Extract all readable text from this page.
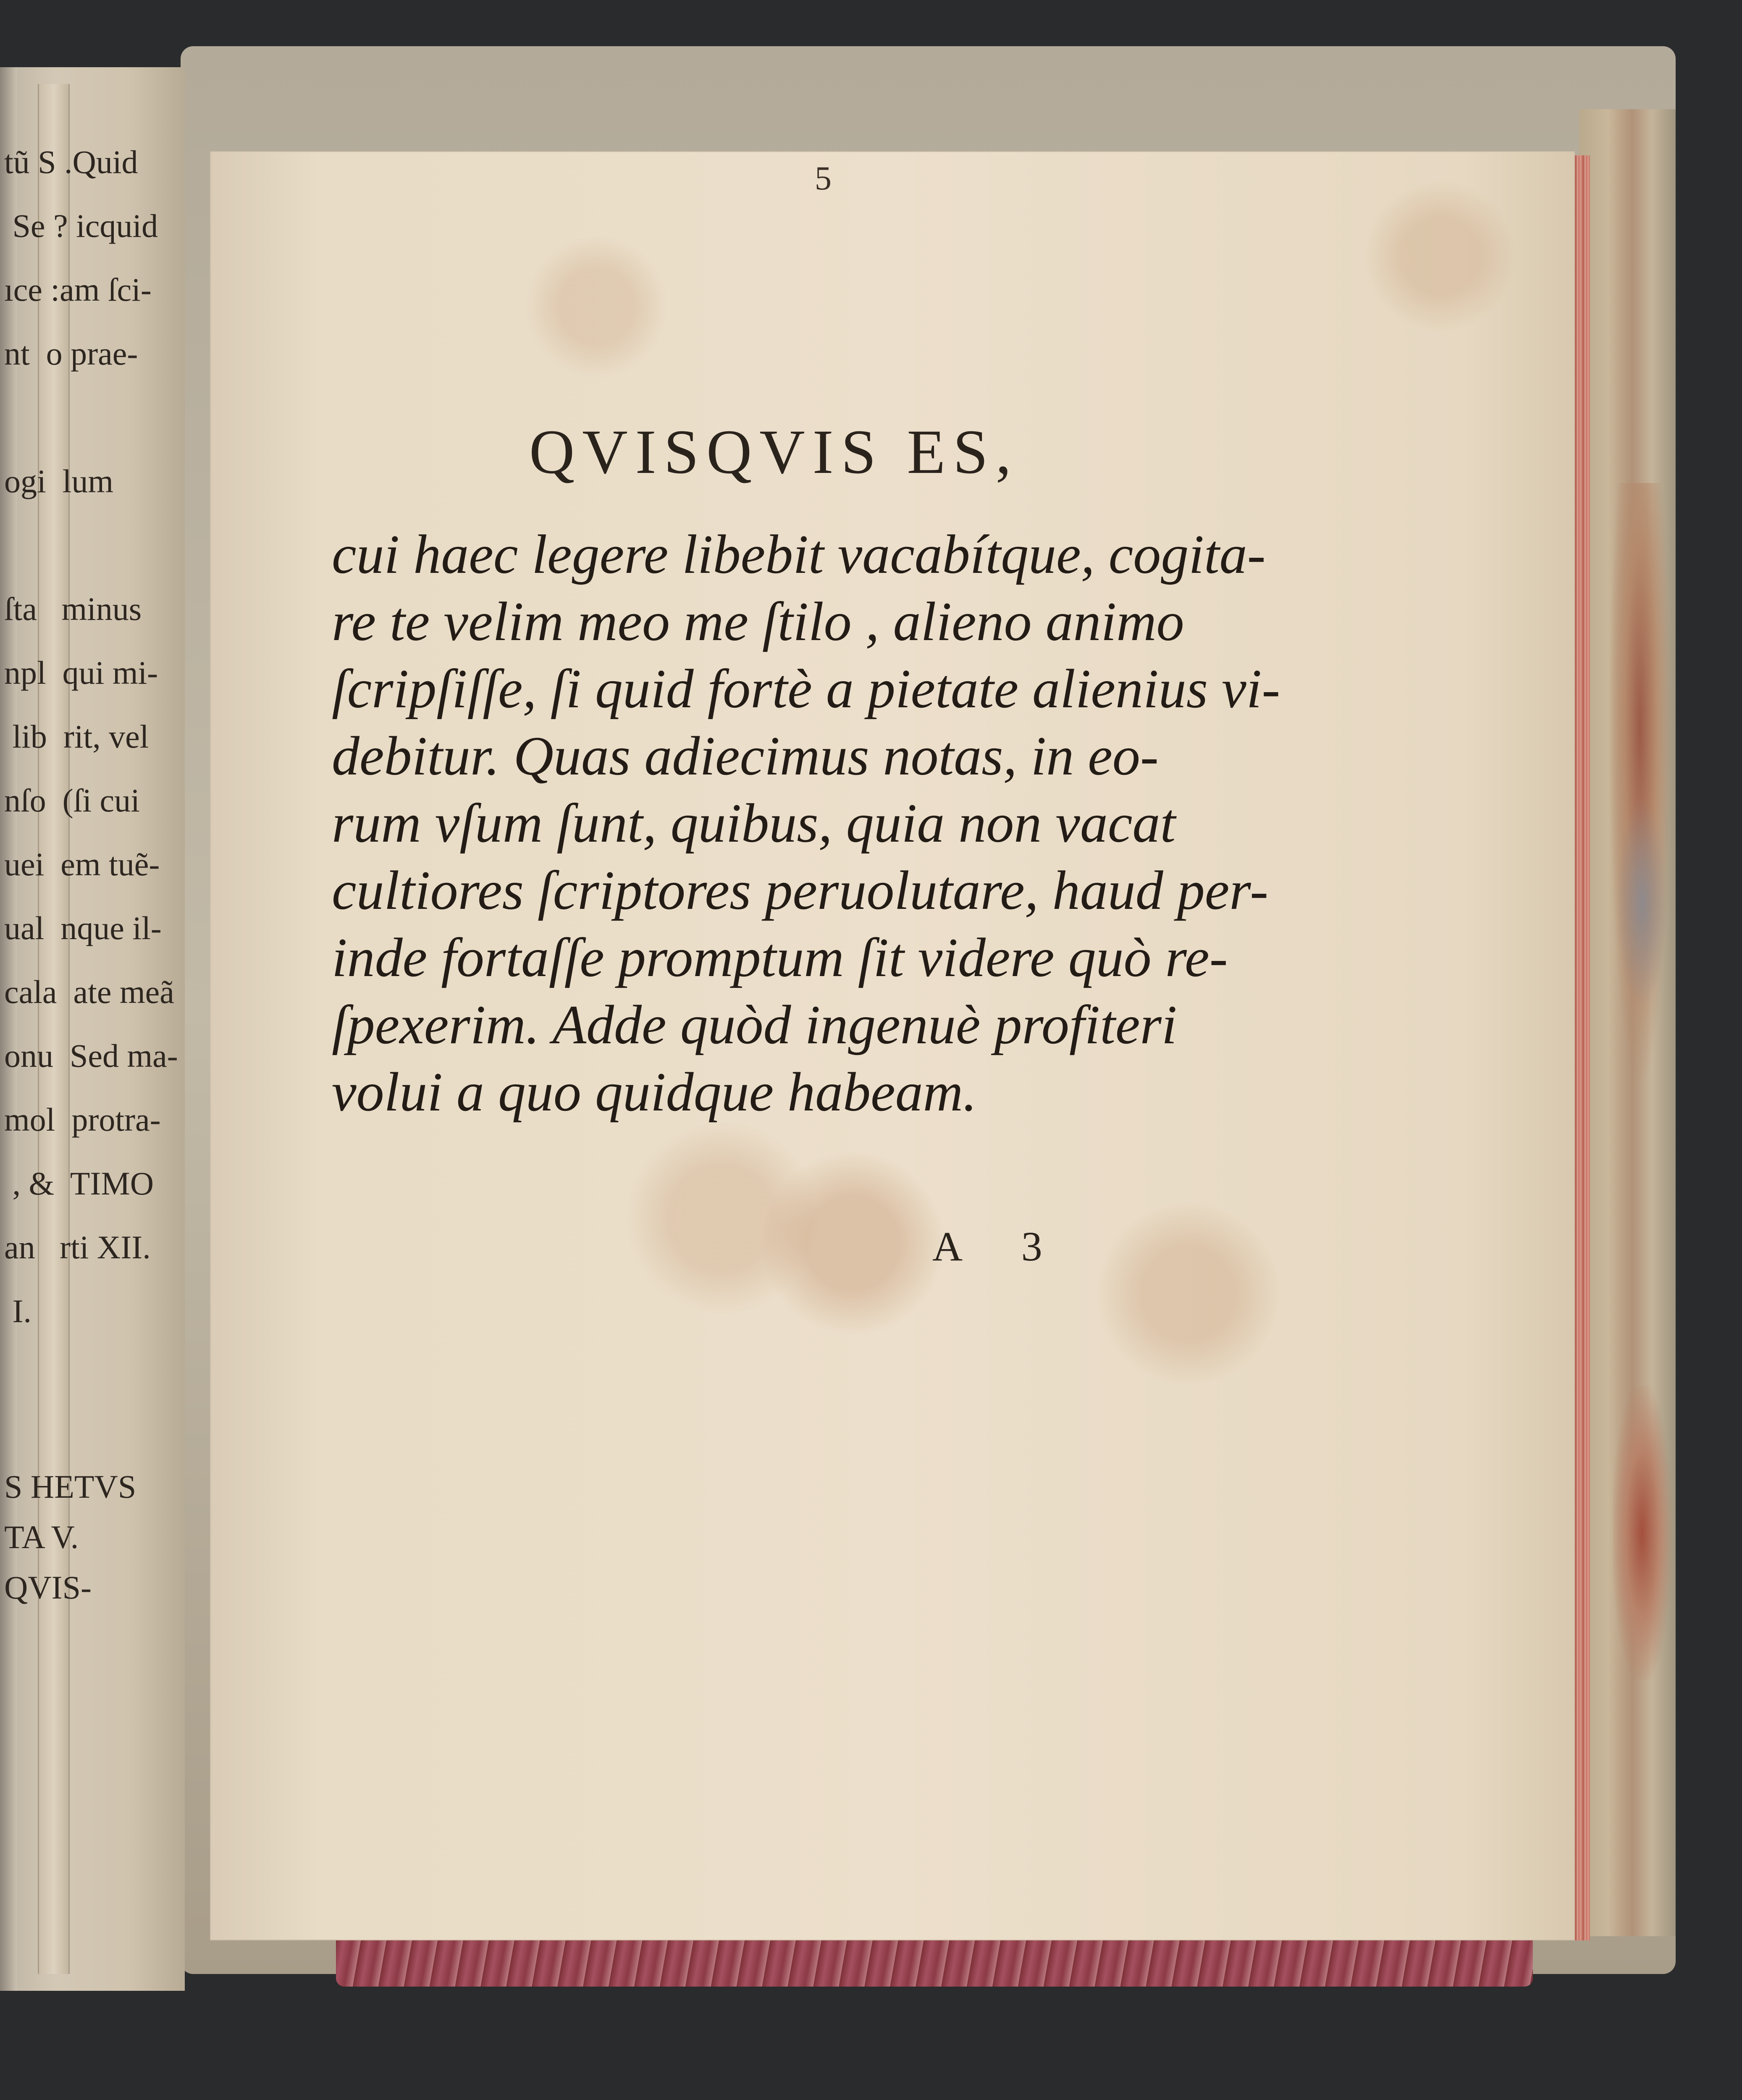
tũ S .Quid
Se ? icquid
ıce :am ſci-
nt  o prae-
ogi  lum
ſta   minus
npl  qui mi-
lib  rit, vel
nſo  (ſi cui
uei  em tuẽ-
ual  nque il-
cala  ate meã
onu  Sed ma-
mol  protra-
, &  TIMO
an   rti XII.
I.
S HETVS
TA V.
QVIS-
5
QVISQVIS ES,
cui haec legere libebit vacabítque, cogita-
re te velim meo me ſtilo , alieno animo
ſcripſiſſe, ſi quid fortè a pietate alienius vi-
debitur. Quas adiecimus notas, in eo-
rum vſum ſunt, quibus, quia non vacat
cultiores ſcriptores peruolutare, haud per-
inde fortaſſe promptum ſit videre quò re-
ſpexerim. Adde quòd ingenuè profiteri
volui a quo quidque habeam.
A 3
